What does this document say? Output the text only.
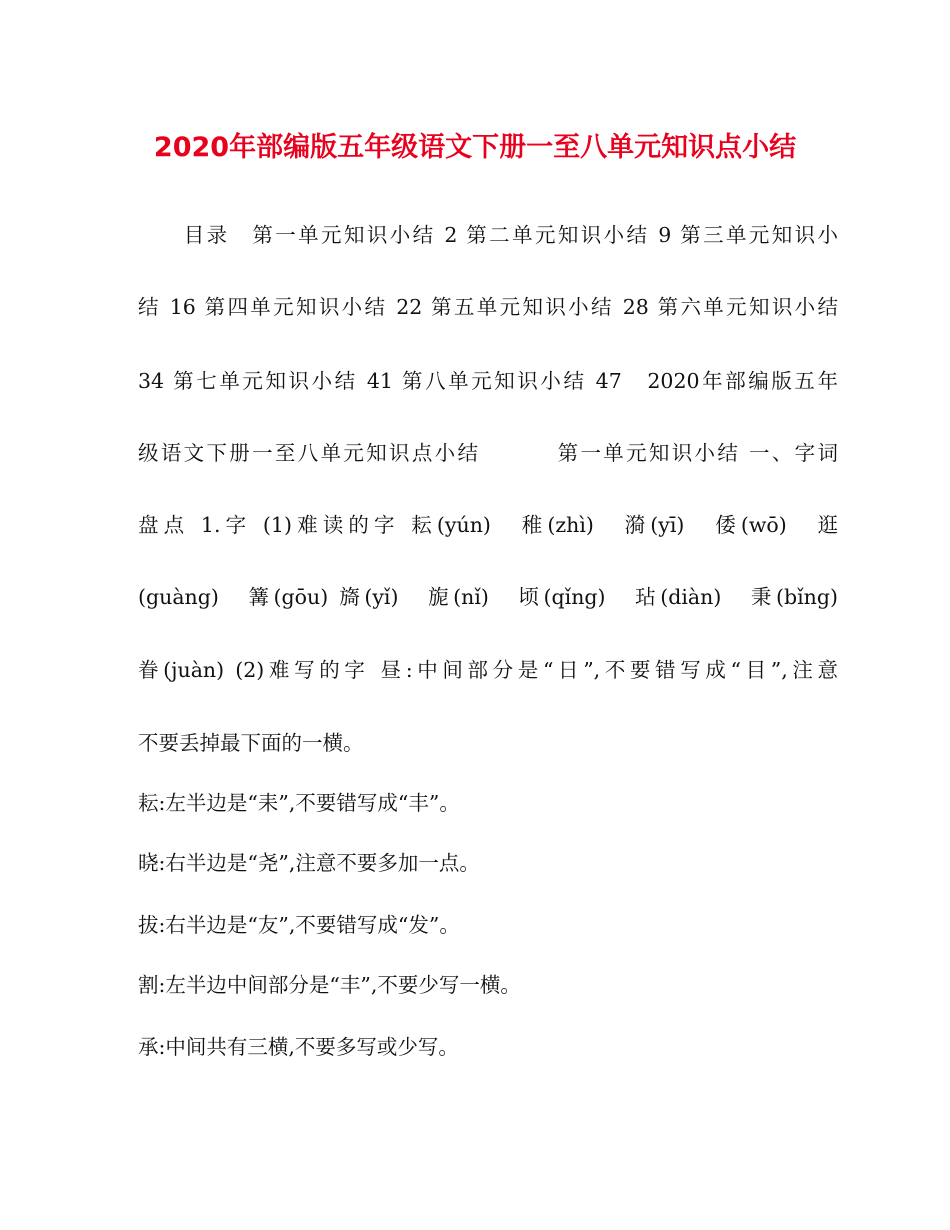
2020年部编版五年级语文下册一至八单元知识点小结
　　目录　第一单元知识小结 2 第二单元知识小结 9 第三单元知识小
结 16 第四单元知识小结 22 第五单元知识小结 28 第六单元知识小结
34 第七单元知识小结 41 第八单元知识小结 47　2020年部编版五年
级语文下册一至八单元知识点小结　　　 第一单元知识小结 一、字词
盘点 1.字 (1)难读的字 耘(yún)　稚(zhì)　漪(yī)　倭(wō)　逛
(guàng)　篝(gōu) 旖(yǐ)　旎(nǐ)　顷(qǐng)　玷(diàn)　秉(bǐng)
眷(juàn) (2)难写的字 昼:中间部分是“日”,不要错写成“目”,注意
不要丢掉最下面的一横。
耘:左半边是“耒”,不要错写成“丰”。
晓:右半边是“尧”,注意不要多加一点。
拔:右半边是“友”,不要错写成“发”。
割:左半边中间部分是“丰”,不要少写一横。
承:中间共有三横,不要多写或少写。
